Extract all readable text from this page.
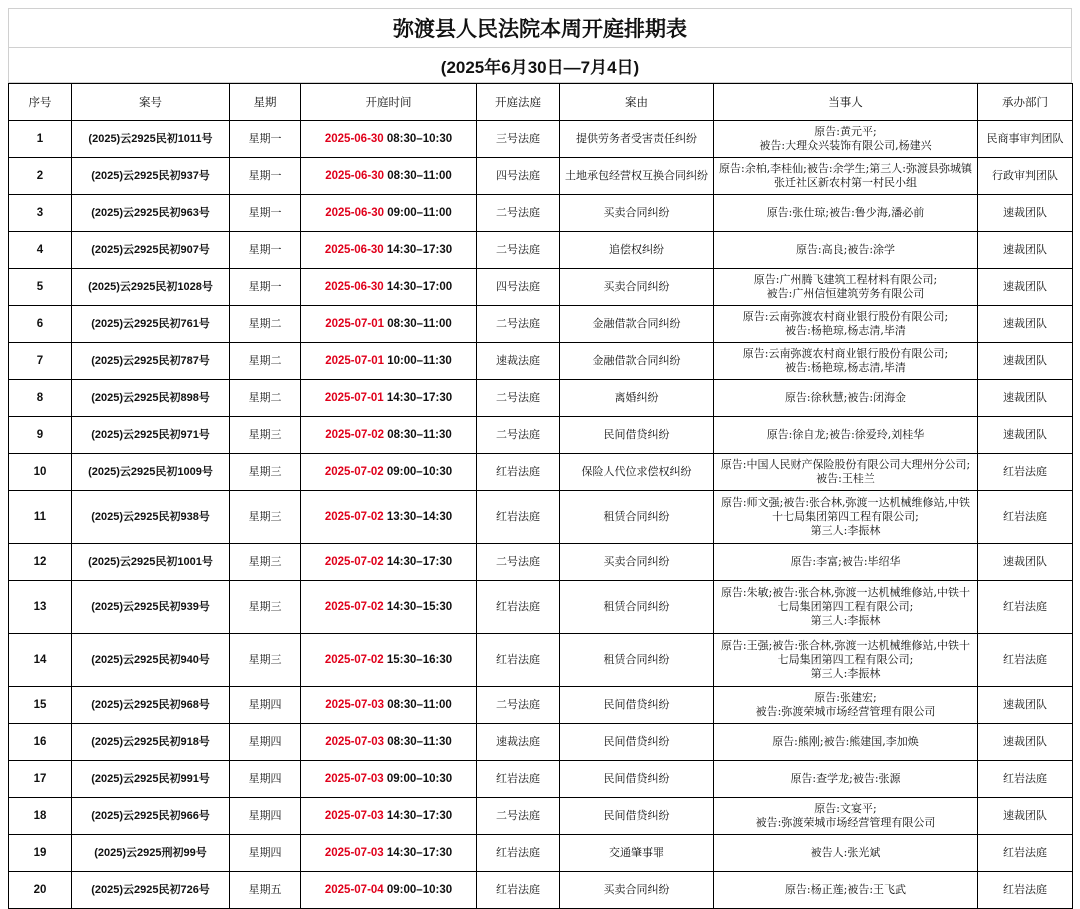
弥渡县人民法院本周开庭排期表
(2025年6月30日—7月4日)
序号	案号	星期	开庭时间	开庭法庭	案由	当事人	承办部门
1	(2025)云2925民初1011号	星期一	2025-06-30 08:30–10:30	三号法庭	提供劳务者受害责任纠纷	原告:黄元平;
被告:大理众兴装饰有限公司,杨建兴	民商事审判团队
2	(2025)云2925民初937号	星期一	2025-06-30 08:30–11:00	四号法庭	土地承包经营权互换合同纠纷	原告:余柏,李桂仙;被告:余学生;第三人:弥渡县弥城镇张迁社区新农村第一村民小组	行政审判团队
3	(2025)云2925民初963号	星期一	2025-06-30 09:00–11:00	二号法庭	买卖合同纠纷	原告:张仕琼;被告:鲁少海,潘必前	速裁团队
4	(2025)云2925民初907号	星期一	2025-06-30 14:30–17:30	二号法庭	追偿权纠纷	原告:高良;被告:涂学	速裁团队
5	(2025)云2925民初1028号	星期一	2025-06-30 14:30–17:00	四号法庭	买卖合同纠纷	原告:广州腾飞建筑工程材料有限公司;
被告:广州信恒建筑劳务有限公司	速裁团队
6	(2025)云2925民初761号	星期二	2025-07-01 08:30–11:00	二号法庭	金融借款合同纠纷	原告:云南弥渡农村商业银行股份有限公司;
被告:杨艳琼,杨志清,毕清	速裁团队
7	(2025)云2925民初787号	星期二	2025-07-01 10:00–11:30	速裁法庭	金融借款合同纠纷	原告:云南弥渡农村商业银行股份有限公司;
被告:杨艳琼,杨志清,毕清	速裁团队
8	(2025)云2925民初898号	星期二	2025-07-01 14:30–17:30	二号法庭	离婚纠纷	原告:徐秋慧;被告:闭海金	速裁团队
9	(2025)云2925民初971号	星期三	2025-07-02 08:30–11:30	二号法庭	民间借贷纠纷	原告:徐自龙;被告:徐爱玲,刘桂华	速裁团队
10	(2025)云2925民初1009号	星期三	2025-07-02 09:00–10:30	红岩法庭	保险人代位求偿权纠纷	原告:中国人民财产保险股份有限公司大理州分公司;被告:王桂兰	红岩法庭
11	(2025)云2925民初938号	星期三	2025-07-02 13:30–14:30	红岩法庭	租赁合同纠纷	原告:师文强;被告:张合林,弥渡一达机械维修站,中铁十七局集团第四工程有限公司;
第三人:李振林	红岩法庭
12	(2025)云2925民初1001号	星期三	2025-07-02 14:30–17:30	二号法庭	买卖合同纠纷	原告:李富;被告:毕绍华	速裁团队
13	(2025)云2925民初939号	星期三	2025-07-02 14:30–15:30	红岩法庭	租赁合同纠纷	原告:朱敏;被告:张合林,弥渡一达机械维修站,中铁十七局集团第四工程有限公司;
第三人:李振林	红岩法庭
14	(2025)云2925民初940号	星期三	2025-07-02 15:30–16:30	红岩法庭	租赁合同纠纷	原告:王强;被告:张合林,弥渡一达机械维修站,中铁十七局集团第四工程有限公司;
第三人:李振林	红岩法庭
15	(2025)云2925民初968号	星期四	2025-07-03 08:30–11:00	二号法庭	民间借贷纠纷	原告:张建宏;
被告:弥渡荣城市场经营管理有限公司	速裁团队
16	(2025)云2925民初918号	星期四	2025-07-03 08:30–11:30	速裁法庭	民间借贷纠纷	原告:熊刚;被告:熊建国,李加焕	速裁团队
17	(2025)云2925民初991号	星期四	2025-07-03 09:00–10:30	红岩法庭	民间借贷纠纷	原告:查学龙;被告:张源	红岩法庭
18	(2025)云2925民初966号	星期四	2025-07-03 14:30–17:30	二号法庭	民间借贷纠纷	原告:文宴平;
被告:弥渡荣城市场经营管理有限公司	速裁团队
19	(2025)云2925刑初99号	星期四	2025-07-03 14:30–17:30	红岩法庭	交通肇事罪	被告人:张光斌	红岩法庭
20	(2025)云2925民初726号	星期五	2025-07-04 09:00–10:30	红岩法庭	买卖合同纠纷	原告:杨正莲;被告:王飞武	红岩法庭
